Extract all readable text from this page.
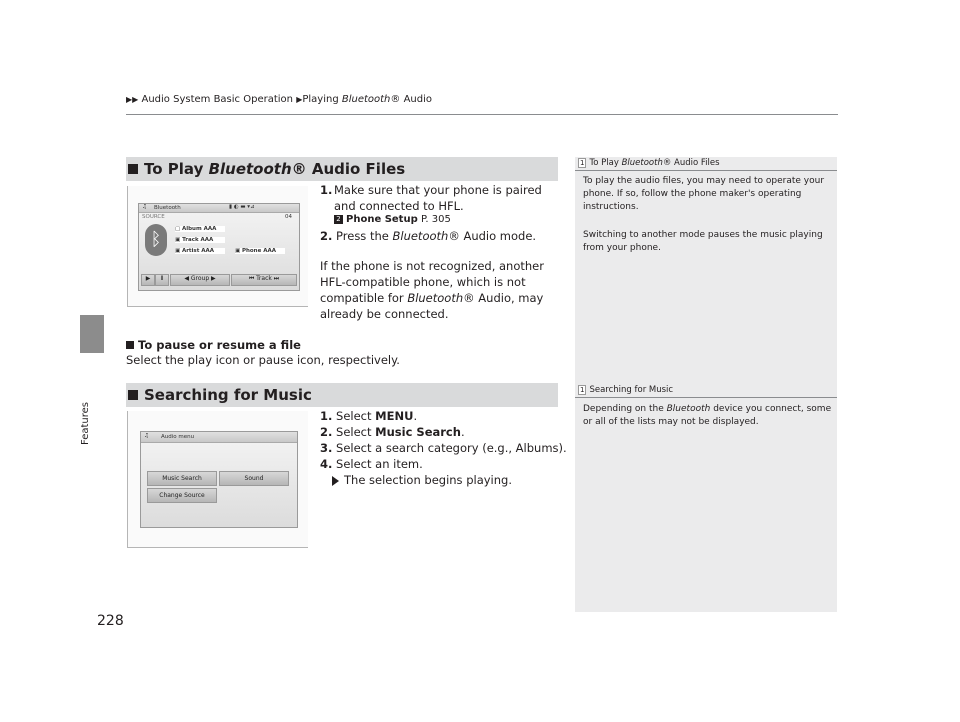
▶▶ Audio System Basic Operation ▶Playing Bluetooth® Audio
Features
228
To Play Bluetooth® Audio Files
♫ Bluetooth	▮ ◐ ▬ ▾⊿
SOURCE	04
ᛒ	▢ Album AAA
▣ Track AAA
▣ Artist AAA	▣ Phone AAA
▶	Ⅱ	◀ Group ▶	⏮ Track ⏭
1. Make sure that your phone is paired and connected to HFL.
2 Phone Setup P. 305
2. Press the Bluetooth® Audio mode.
If the phone is not recognized, another HFL-compatible phone, which is not compatible for Bluetooth® Audio, may already be connected.
To pause or resume a file
Select the play icon or pause icon, respectively.
Searching for Music
♫ Audio menu
Music Search	Sound
Change Source
1. Select MENU.
2. Select Music Search.
3. Select a search category (e.g., Albums).
4. Select an item.
The selection begins playing.
1 To Play Bluetooth® Audio Files
To play the audio files, you may need to operate your phone. If so, follow the phone maker's operating instructions.
Switching to another mode pauses the music playing from your phone.
1 Searching for Music
Depending on the Bluetooth device you connect, some or all of the lists may not be displayed.
